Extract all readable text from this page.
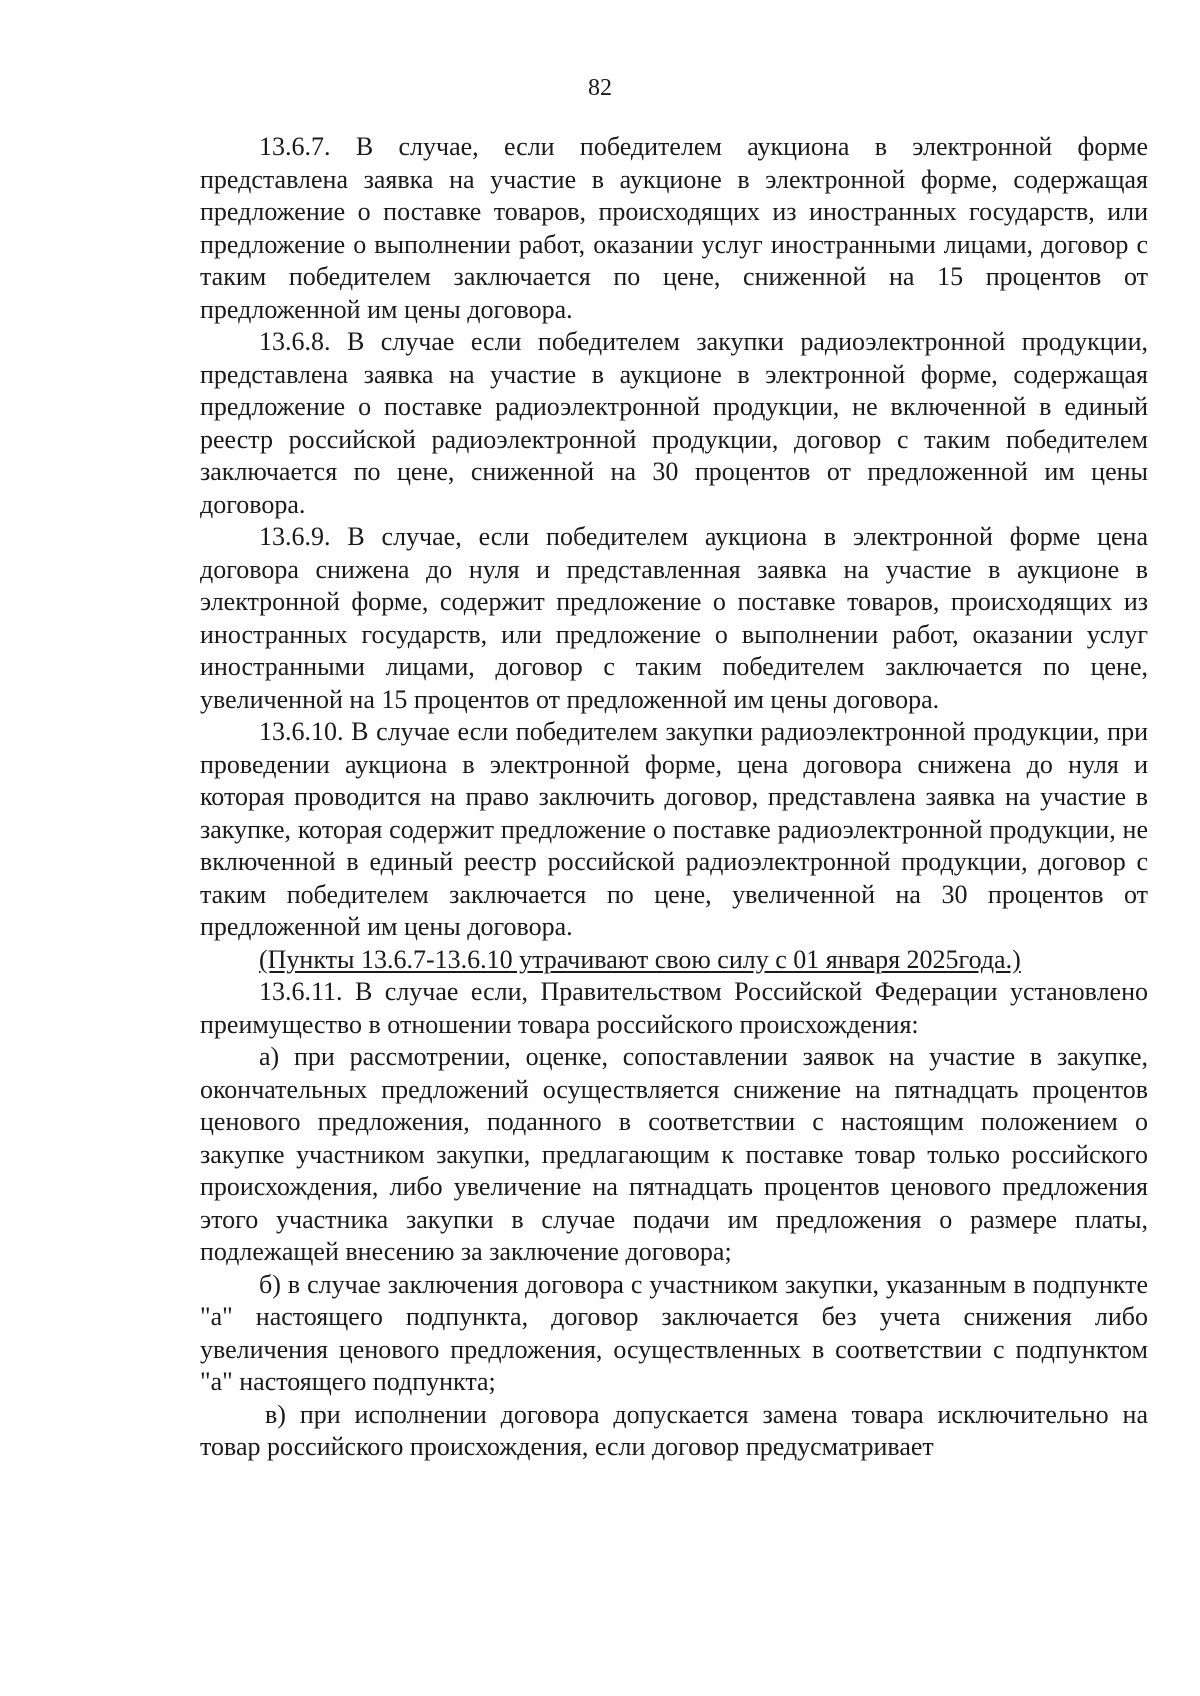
82

13.6.7. В случае, если победителем аукциона в электронной форме представлена заявка на участие в аукционе в электронной форме, содержащая предложение о поставке товаров, происходящих из иностранных государств, или предложение о выполнении работ, оказании услуг иностранными лицами, договор с таким победителем заключается по цене, сниженной на 15 процентов от предложенной им цены договора.

13.6.8. В случае если победителем закупки радиоэлектронной продукции, представлена заявка на участие в аукционе в электронной форме, содержащая предложение о поставке радиоэлектронной продукции, не включенной в единый реестр российской радиоэлектронной продукции, договор с таким победителем заключается по цене, сниженной на 30 процентов от предложенной им цены договора.

13.6.9. В случае, если победителем аукциона в электронной форме цена договора снижена до нуля и представленная заявка на участие в аукционе в электронной форме, содержит предложение о поставке товаров, происходящих из иностранных государств, или предложение о выполнении работ, оказании услуг иностранными лицами, договор с таким победителем заключается по цене, увеличенной на 15 процентов от предложенной им цены договора.

13.6.10. В случае если победителем закупки радиоэлектронной продукции, при проведении аукциона в электронной форме, цена договора снижена до нуля и которая проводится на право заключить договор, представлена заявка на участие в закупке, которая содержит предложение о поставке радиоэлектронной продукции, не включенной в единый реестр российской радиоэлектронной продукции, договор с таким победителем заключается по цене, увеличенной на 30 процентов от предложенной им цены договора.

(Пункты 13.6.7-13.6.10 утрачивают свою силу с 01 января 2025года.)

13.6.11. В случае если, Правительством Российской Федерации установлено преимущество в отношении товара российского происхождения:

а) при рассмотрении, оценке, сопоставлении заявок на участие в закупке, окончательных предложений осуществляется снижение на пятнадцать процентов ценового предложения, поданного в соответствии с настоящим положением о закупке участником закупки, предлагающим к поставке товар только российского происхождения, либо увеличение на пятнадцать процентов ценового предложения этого участника закупки в случае подачи им предложения о размере платы, подлежащей внесению за заключение договора;

б) в случае заключения договора с участником закупки, указанным в подпункте "а" настоящего подпункта, договор заключается без учета снижения либо увеличения ценового предложения, осуществленных в соответствии с подпунктом "а" настоящего подпункта;

в) при исполнении договора допускается замена товара исключительно на товар российского происхождения, если договор предусматривает
